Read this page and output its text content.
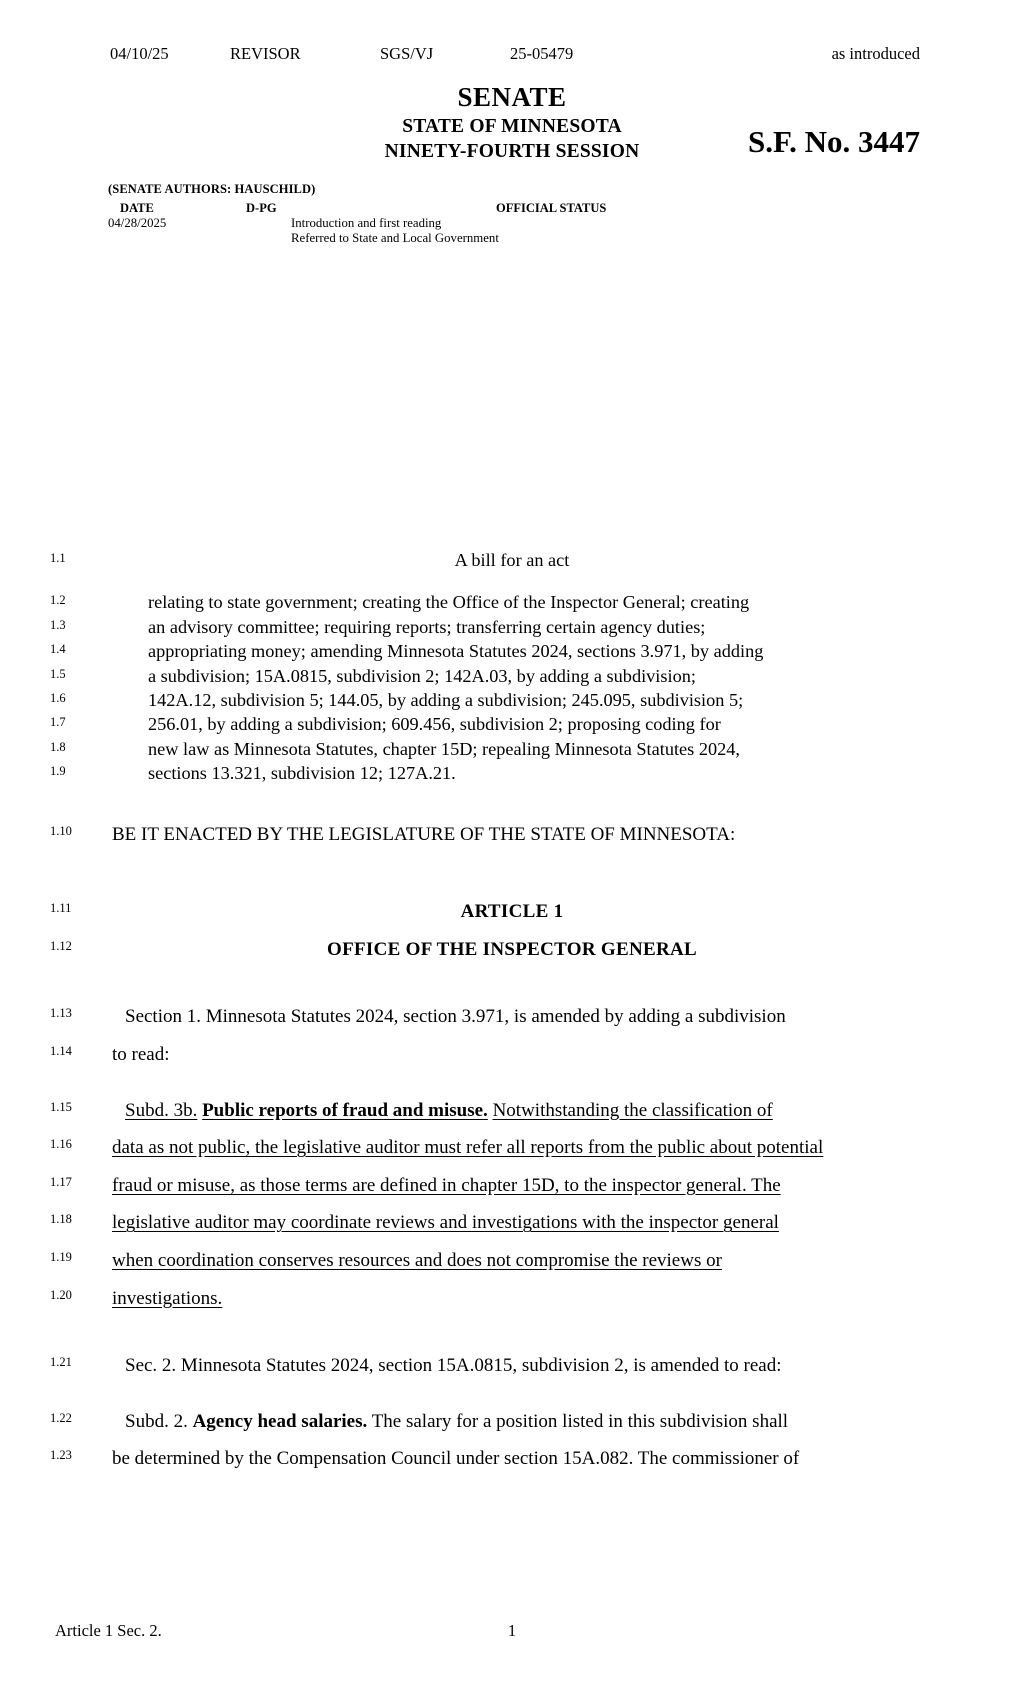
04/10/25	REVISOR	SGS/VJ	25-05479	as introduced
SENATE
STATE OF MINNESOTA
NINETY-FOURTH SESSION	S.F. No. 3447
(SENATE AUTHORS: HAUSCHILD)
DATE	D-PG	OFFICIAL STATUS
04/28/2025	Introduction and first reading
Referred to State and Local Government
1.1	A bill for an act
1.2	relating to state government; creating the Office of the Inspector General; creating
1.3	an advisory committee; requiring reports; transferring certain agency duties;
1.4	appropriating money; amending Minnesota Statutes 2024, sections 3.971, by adding
1.5	a subdivision; 15A.0815, subdivision 2; 142A.03, by adding a subdivision;
1.6	142A.12, subdivision 5; 144.05, by adding a subdivision; 245.095, subdivision 5;
1.7	256.01, by adding a subdivision; 609.456, subdivision 2; proposing coding for
1.8	new law as Minnesota Statutes, chapter 15D; repealing Minnesota Statutes 2024,
1.9	sections 13.321, subdivision 12; 127A.21.
1.10	BE IT ENACTED BY THE LEGISLATURE OF THE STATE OF MINNESOTA:
1.11	ARTICLE 1
1.12	OFFICE OF THE INSPECTOR GENERAL
1.13	Section 1. Minnesota Statutes 2024, section 3.971, is amended by adding a subdivision
1.14	to read:
1.15	Subd. 3b. Public reports of fraud and misuse. Notwithstanding the classification of
1.16	data as not public, the legislative auditor must refer all reports from the public about potential
1.17	fraud or misuse, as those terms are defined in chapter 15D, to the inspector general. The
1.18	legislative auditor may coordinate reviews and investigations with the inspector general
1.19	when coordination conserves resources and does not compromise the reviews or
1.20	investigations.
1.21	Sec. 2. Minnesota Statutes 2024, section 15A.0815, subdivision 2, is amended to read:
1.22	Subd. 2. Agency head salaries. The salary for a position listed in this subdivision shall
1.23	be determined by the Compensation Council under section 15A.082. The commissioner of
Article 1 Sec. 2.	1
